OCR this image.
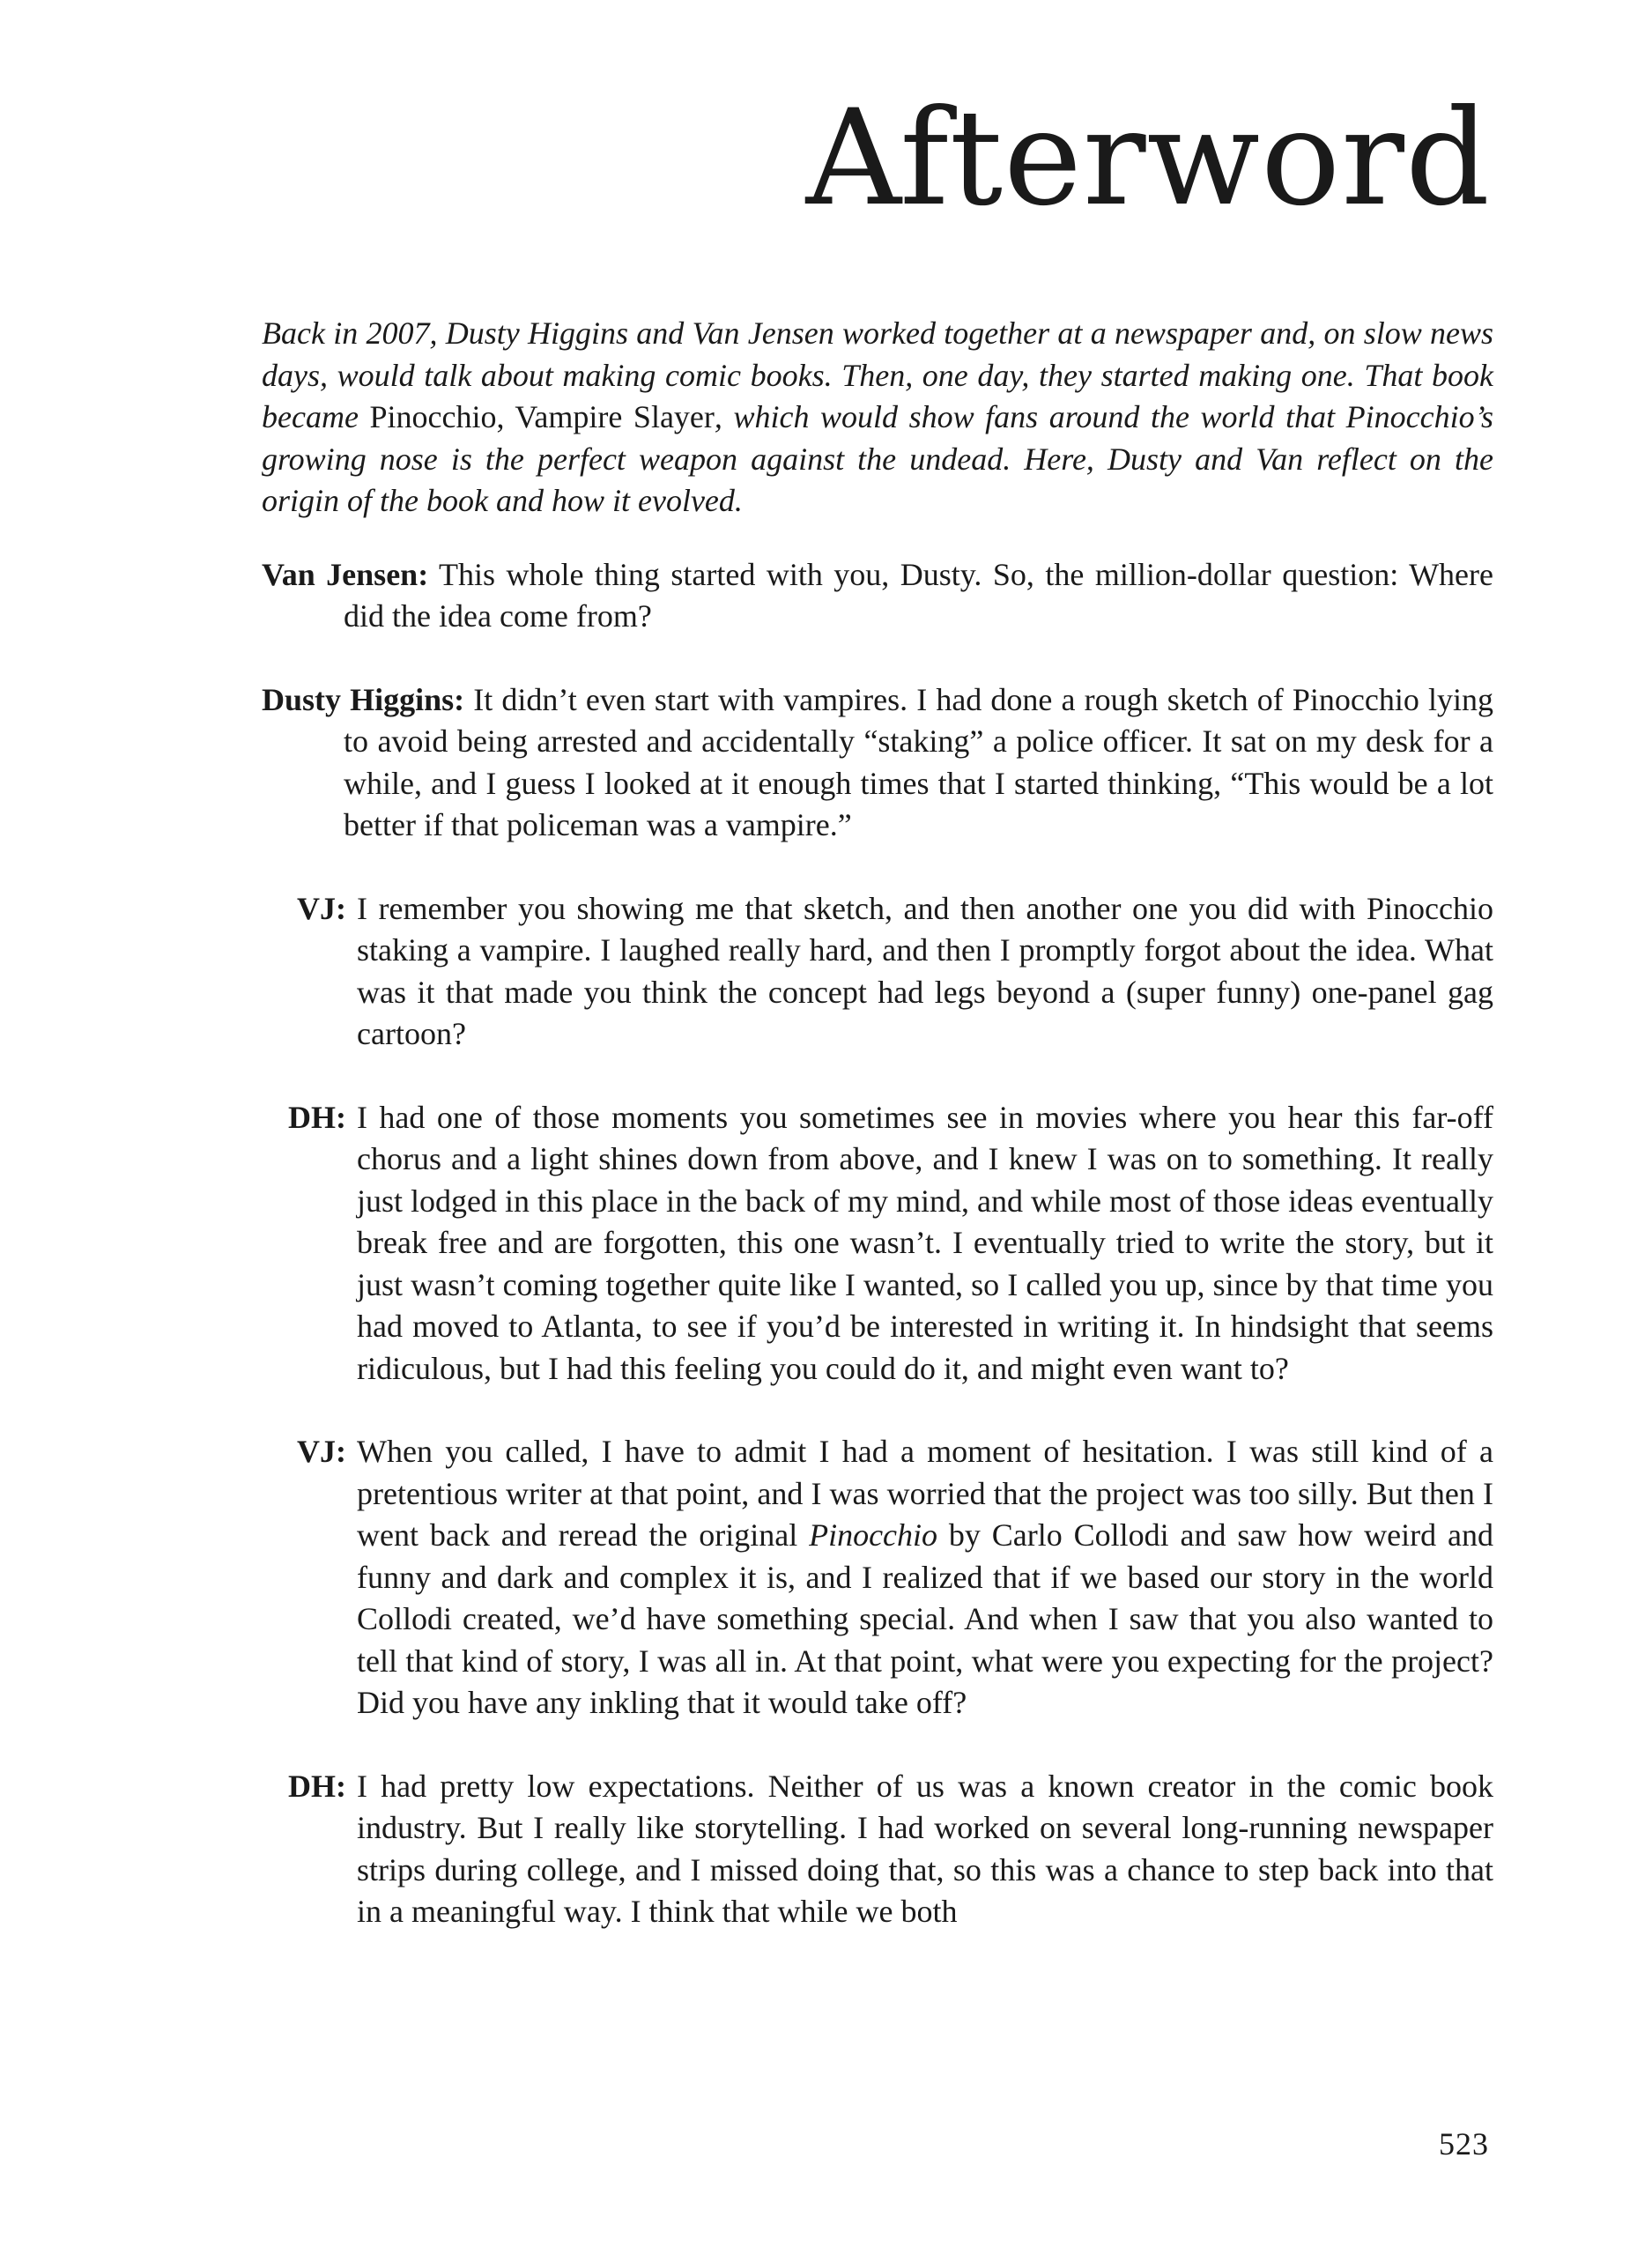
Afterword

Back in 2007, Dusty Higgins and Van Jensen worked together at a newspaper and, on slow news days, would talk about making comic books. Then, one day, they started making one. That book became Pinocchio, Vampire Slayer, which would show fans around the world that Pinocchio’s growing nose is the perfect weapon against the undead. Here, Dusty and Van reflect on the origin of the book and how it evolved.

Van Jensen: This whole thing started with you, Dusty. So, the million-dollar question: Where did the idea come from?

Dusty Higgins: It didn’t even start with vampires. I had done a rough sketch of Pinocchio lying to avoid being arrested and accidentally “staking” a police officer. It sat on my desk for a while, and I guess I looked at it enough times that I started thinking, “This would be a lot better if that policeman was a vampire.”

VJ: I remember you showing me that sketch, and then another one you did with Pinocchio staking a vampire. I laughed really hard, and then I promptly forgot about the idea. What was it that made you think the concept had legs beyond a (super funny) one-panel gag cartoon?
DH: I had one of those moments you sometimes see in movies where you hear this far-off chorus and a light shines down from above, and I knew I was on to something. It really just lodged in this place in the back of my mind, and while most of those ideas eventually break free and are forgotten, this one wasn’t. I eventually tried to write the story, but it just wasn’t coming together quite like I wanted, so I called you up, since by that time you had moved to Atlanta, to see if you’d be interested in writing it. In hindsight that seems ridiculous, but I had this feeling you could do it, and might even want to?
VJ: When you called, I have to admit I had a moment of hesitation. I was still kind of a pretentious writer at that point, and I was worried that the project was too silly. But then I went back and reread the original Pinocchio by Carlo Collodi and saw how weird and funny and dark and complex it is, and I realized that if we based our story in the world Collodi created, we’d have something special. And when I saw that you also wanted to tell that kind of story, I was all in. At that point, what were you expecting for the project? Did you have any inkling that it would take off?
DH: I had pretty low expectations. Neither of us was a known creator in the comic book industry. But I really like storytelling. I had worked on several long-running newspaper strips during college, and I missed doing that, so this was a chance to step back into that in a meaningful way. I think that while we both
523
